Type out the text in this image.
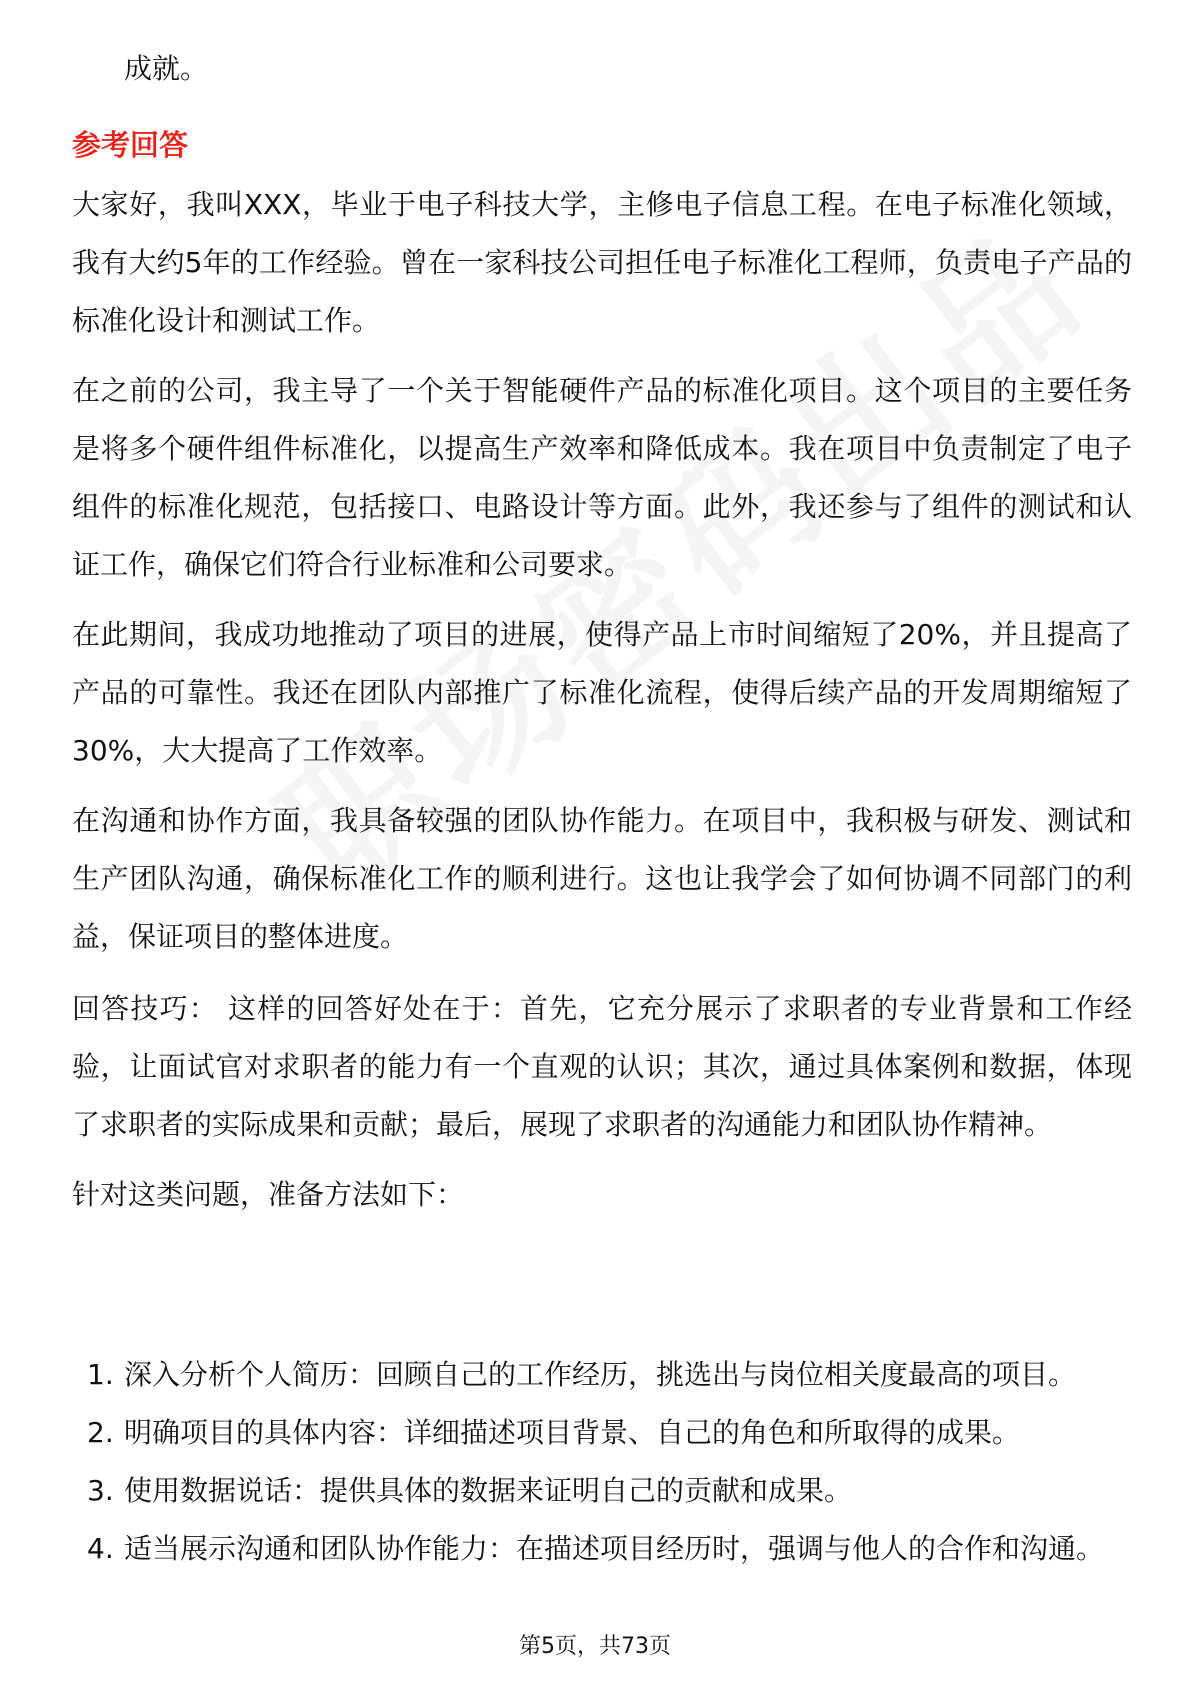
成就。

参考回答

大家好，我叫XXX，毕业于电子科技大学，主修电子信息工程。在电子标准化领域，我有大约5年的工作经验。曾在一家科技公司担任电子标准化工程师，负责电子产品的标准化设计和测试工作。

在之前的公司，我主导了一个关于智能硬件产品的标准化项目。这个项目的主要任务是将多个硬件组件标准化，以提高生产效率和降低成本。我在项目中负责制定了电子组件的标准化规范，包括接口、电路设计等方面。此外，我还参与了组件的测试和认证工作，确保它们符合行业标准和公司要求。

在此期间，我成功地推动了项目的进展，使得产品上市时间缩短了20%，并且提高了产品的可靠性。我还在团队内部推广了标准化流程，使得后续产品的开发周期缩短了30%，大大提高了工作效率。

在沟通和协作方面，我具备较强的团队协作能力。在项目中，我积极与研发、测试和生产团队沟通，确保标准化工作的顺利进行。这也让我学会了如何协调不同部门的利益，保证项目的整体进度。

回答技巧： 这样的回答好处在于：首先，它充分展示了求职者的专业背景和工作经验，让面试官对求职者的能力有一个直观的认识；其次，通过具体案例和数据，体现了求职者的实际成果和贡献；最后，展现了求职者的沟通能力和团队协作精神。

针对这类问题，准备方法如下：

1. 深入分析个人简历：回顾自己的工作经历，挑选出与岗位相关度最高的项目。
2. 明确项目的具体内容：详细描述项目背景、自己的角色和所取得的成果。
3. 使用数据说话：提供具体的数据来证明自己的贡献和成果。
4. 适当展示沟通和团队协作能力：在描述项目经历时，强调与他人的合作和沟通。
第5页，共73页
